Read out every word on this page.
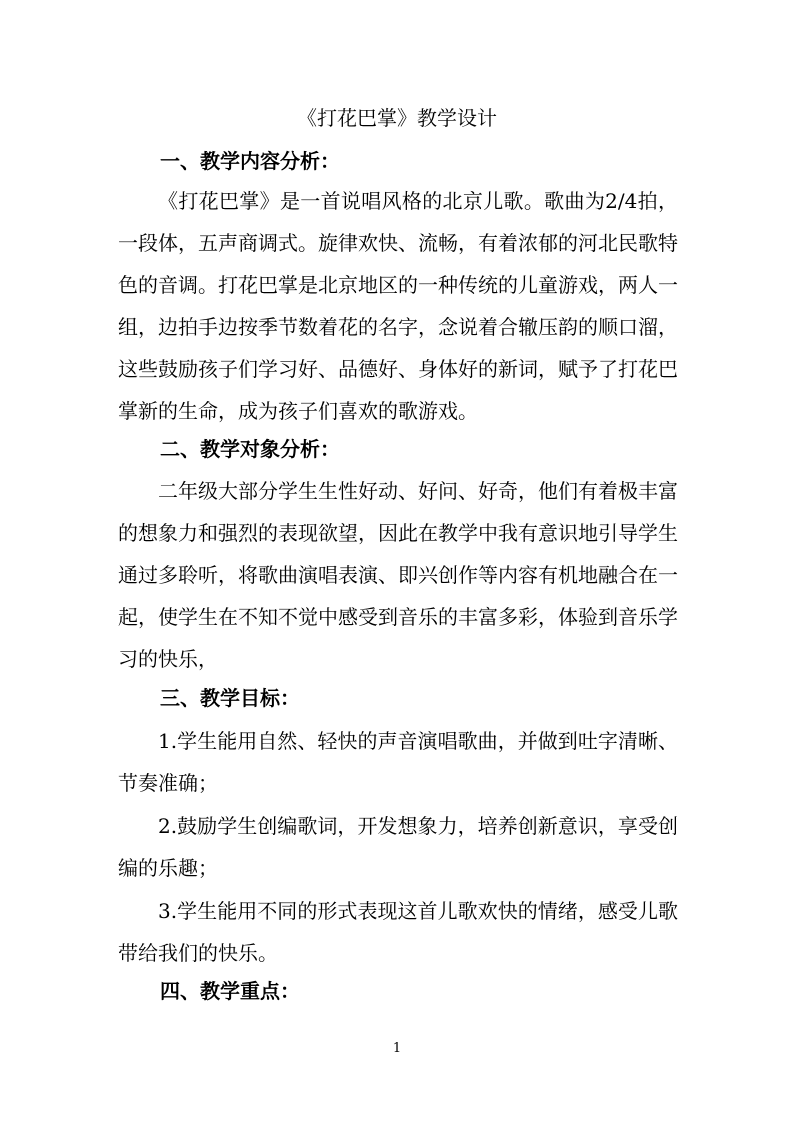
《打花巴掌》教学设计
一、教学内容分析：

《打花巴掌》是一首说唱风格的北京儿歌。歌曲为2/4拍，一段体，五声商调式。旋律欢快、流畅，有着浓郁的河北民歌特色的音调。打花巴掌是北京地区的一种传统的儿童游戏，两人一组，边拍手边按季节数着花的名字，念说着合辙压韵的顺口溜，这些鼓励孩子们学习好、品德好、身体好的新词，赋予了打花巴掌新的生命，成为孩子们喜欢的歌游戏。

二、教学对象分析：

二年级大部分学生生性好动、好问、好奇，他们有着极丰富的想象力和强烈的表现欲望，因此在教学中我有意识地引导学生通过多聆听，将歌曲演唱表演、即兴创作等内容有机地融合在一起，使学生在不知不觉中感受到音乐的丰富多彩，体验到音乐学习的快乐，

三、教学目标：

1.学生能用自然、轻快的声音演唱歌曲，并做到吐字清晰、节奏准确；

2.鼓励学生创编歌词，开发想象力，培养创新意识，享受创编的乐趣；

3.学生能用不同的形式表现这首儿歌欢快的情绪，感受儿歌带给我们的快乐。

四、教学重点：
1
